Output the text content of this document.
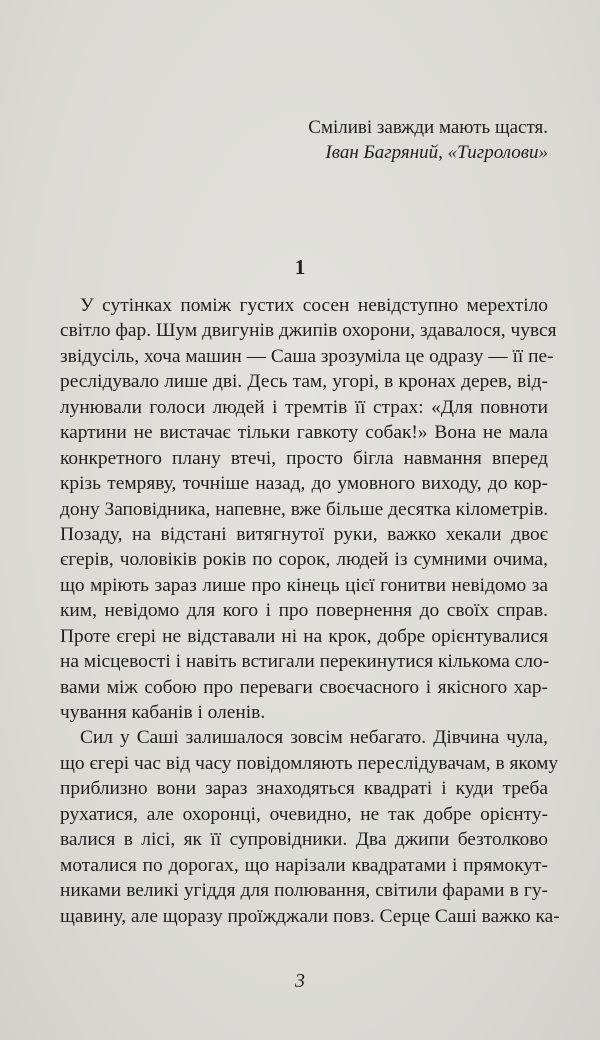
Сміливі завжди мають щастя.
Іван Багряний, «Тигролови»
1
У сутінках поміж густих сосен невідступно мерехтіло
світло фар. Шум двигунів джипів охорони, здавалося, чувся
звідусіль, хоча машин — Саша зрозуміла це одразу — її пе-
реслідувало лише дві. Десь там, угорі, в кронах дерев, від-
лунювали голоси людей і тремтів її страх: «Для повноти
картини не вистачає тільки гавкоту собак!» Вона не мала
конкретного плану втечі, просто бігла навмання вперед
крізь темряву, точніше назад, до умовного виходу, до кор-
дону Заповідника, напевне, вже більше десятка кілометрів.
Позаду, на відстані витягнутої руки, важко хекали двоє
єгерів, чоловіків років по сорок, людей із сумними очима,
що мріють зараз лише про кінець цієї гонитви невідомо за
ким, невідомо для кого і про повернення до своїх справ.
Проте єгері не відставали ні на крок, добре орієнтувалися
на місцевості і навіть встигали перекинутися кількома сло-
вами між собою про переваги своєчасного і якісного хар-
чування кабанів і оленів.
Сил у Саші залишалося зовсім небагато. Дівчина чула,
що єгері час від часу повідомляють переслідувачам, в якому
приблизно вони зараз знаходяться квадраті і куди треба
рухатися, але охоронці, очевидно, не так добре орієнту-
валися в лісі, як її супровідники. Два джипи безтолково
моталися по дорогах, що нарізали квадратами і прямокут-
никами великі угіддя для полювання, світили фарами в гу-
щавину, але щоразу проїжджали повз. Серце Саші важко ка-
3
